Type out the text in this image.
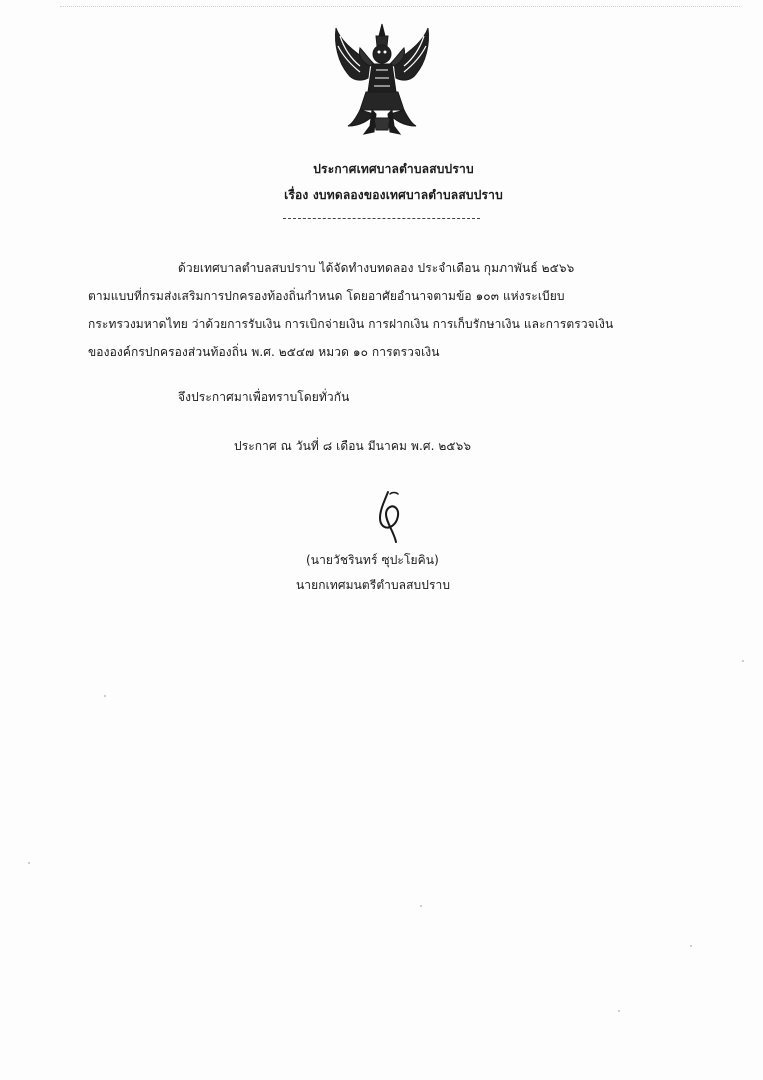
ประกาศเทศบาลตำบลสบปราบ
เรื่อง งบทดลองของเทศบาลตำบลสบปราบ
ด้วยเทศบาลตำบลสบปราบ ได้จัดทำงบทดลอง ประจำเดือน กุมภาพันธ์ ๒๕๖๖
ตามแบบที่กรมส่งเสริมการปกครองท้องถิ่นกำหนด โดยอาศัยอำนาจตามข้อ ๑๐๓ แห่งระเบียบ
กระทรวงมหาดไทย ว่าด้วยการรับเงิน การเบิกจ่ายเงิน การฝากเงิน การเก็บรักษาเงิน และการตรวจเงิน
ขององค์กรปกครองส่วนท้องถิ่น พ.ศ. ๒๕๔๗ หมวด ๑๐ การตรวจเงิน
จึงประกาศมาเพื่อทราบโดยทั่วกัน
ประกาศ ณ วันที่ ๘ เดือน มีนาคม พ.ศ. ๒๕๖๖
(นายวัชรินทร์ ซุปะโยคิน)
นายกเทศมนตรีตำบลสบปราบ
